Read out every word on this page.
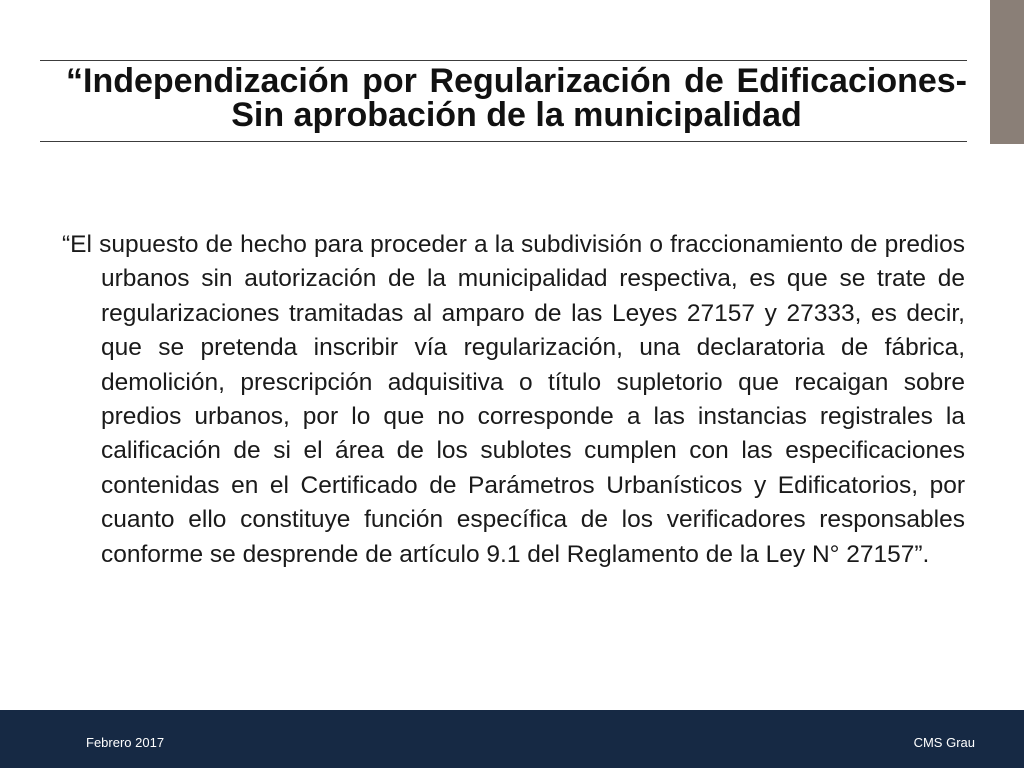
“Independización por Regularización de Edificaciones- Sin aprobación de la municipalidad

“El supuesto de hecho para proceder a la subdivisión o fraccionamiento de predios urbanos sin autorización de la municipalidad respectiva, es que se trate de regularizaciones tramitadas al amparo de las Leyes 27157 y 27333, es decir, que se pretenda inscribir vía regularización, una declaratoria de fábrica, demolición, prescripción adquisitiva o título supletorio que recaigan sobre predios urbanos, por lo que no corresponde a las instancias registrales la calificación de si el área de los sublotes cumplen con las especificaciones contenidas en el Certificado de Parámetros Urbanísticos y Edificatorios, por cuanto ello constituye función específica de los verificadores responsables conforme se desprende de artículo 9.1 del Reglamento de la Ley N° 27157”.

Febrero 2017	CMS Grau
